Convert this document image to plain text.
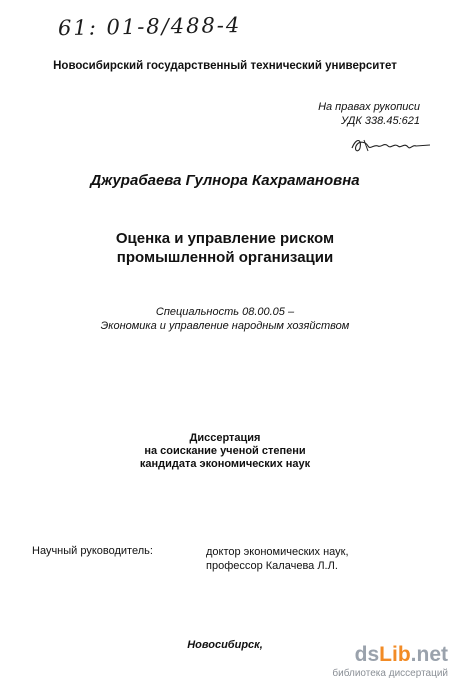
61: 01-8/488-4
Новосибирский государственный технический университет
На правах рукописи
УДК 338.45:621
Джурабаева Гулнора Кахрамановна
Оценка и управление риском
промышленной организации
Специальность 08.00.05 –
Экономика и управление народным хозяйством
Диссертация
на соискание ученой степени
кандидата экономических наук
Научный руководитель:	доктор экономических наук,
профессор Калачева Л.Л.
Новосибирск,	dsLib.net
библиотека диссертаций
